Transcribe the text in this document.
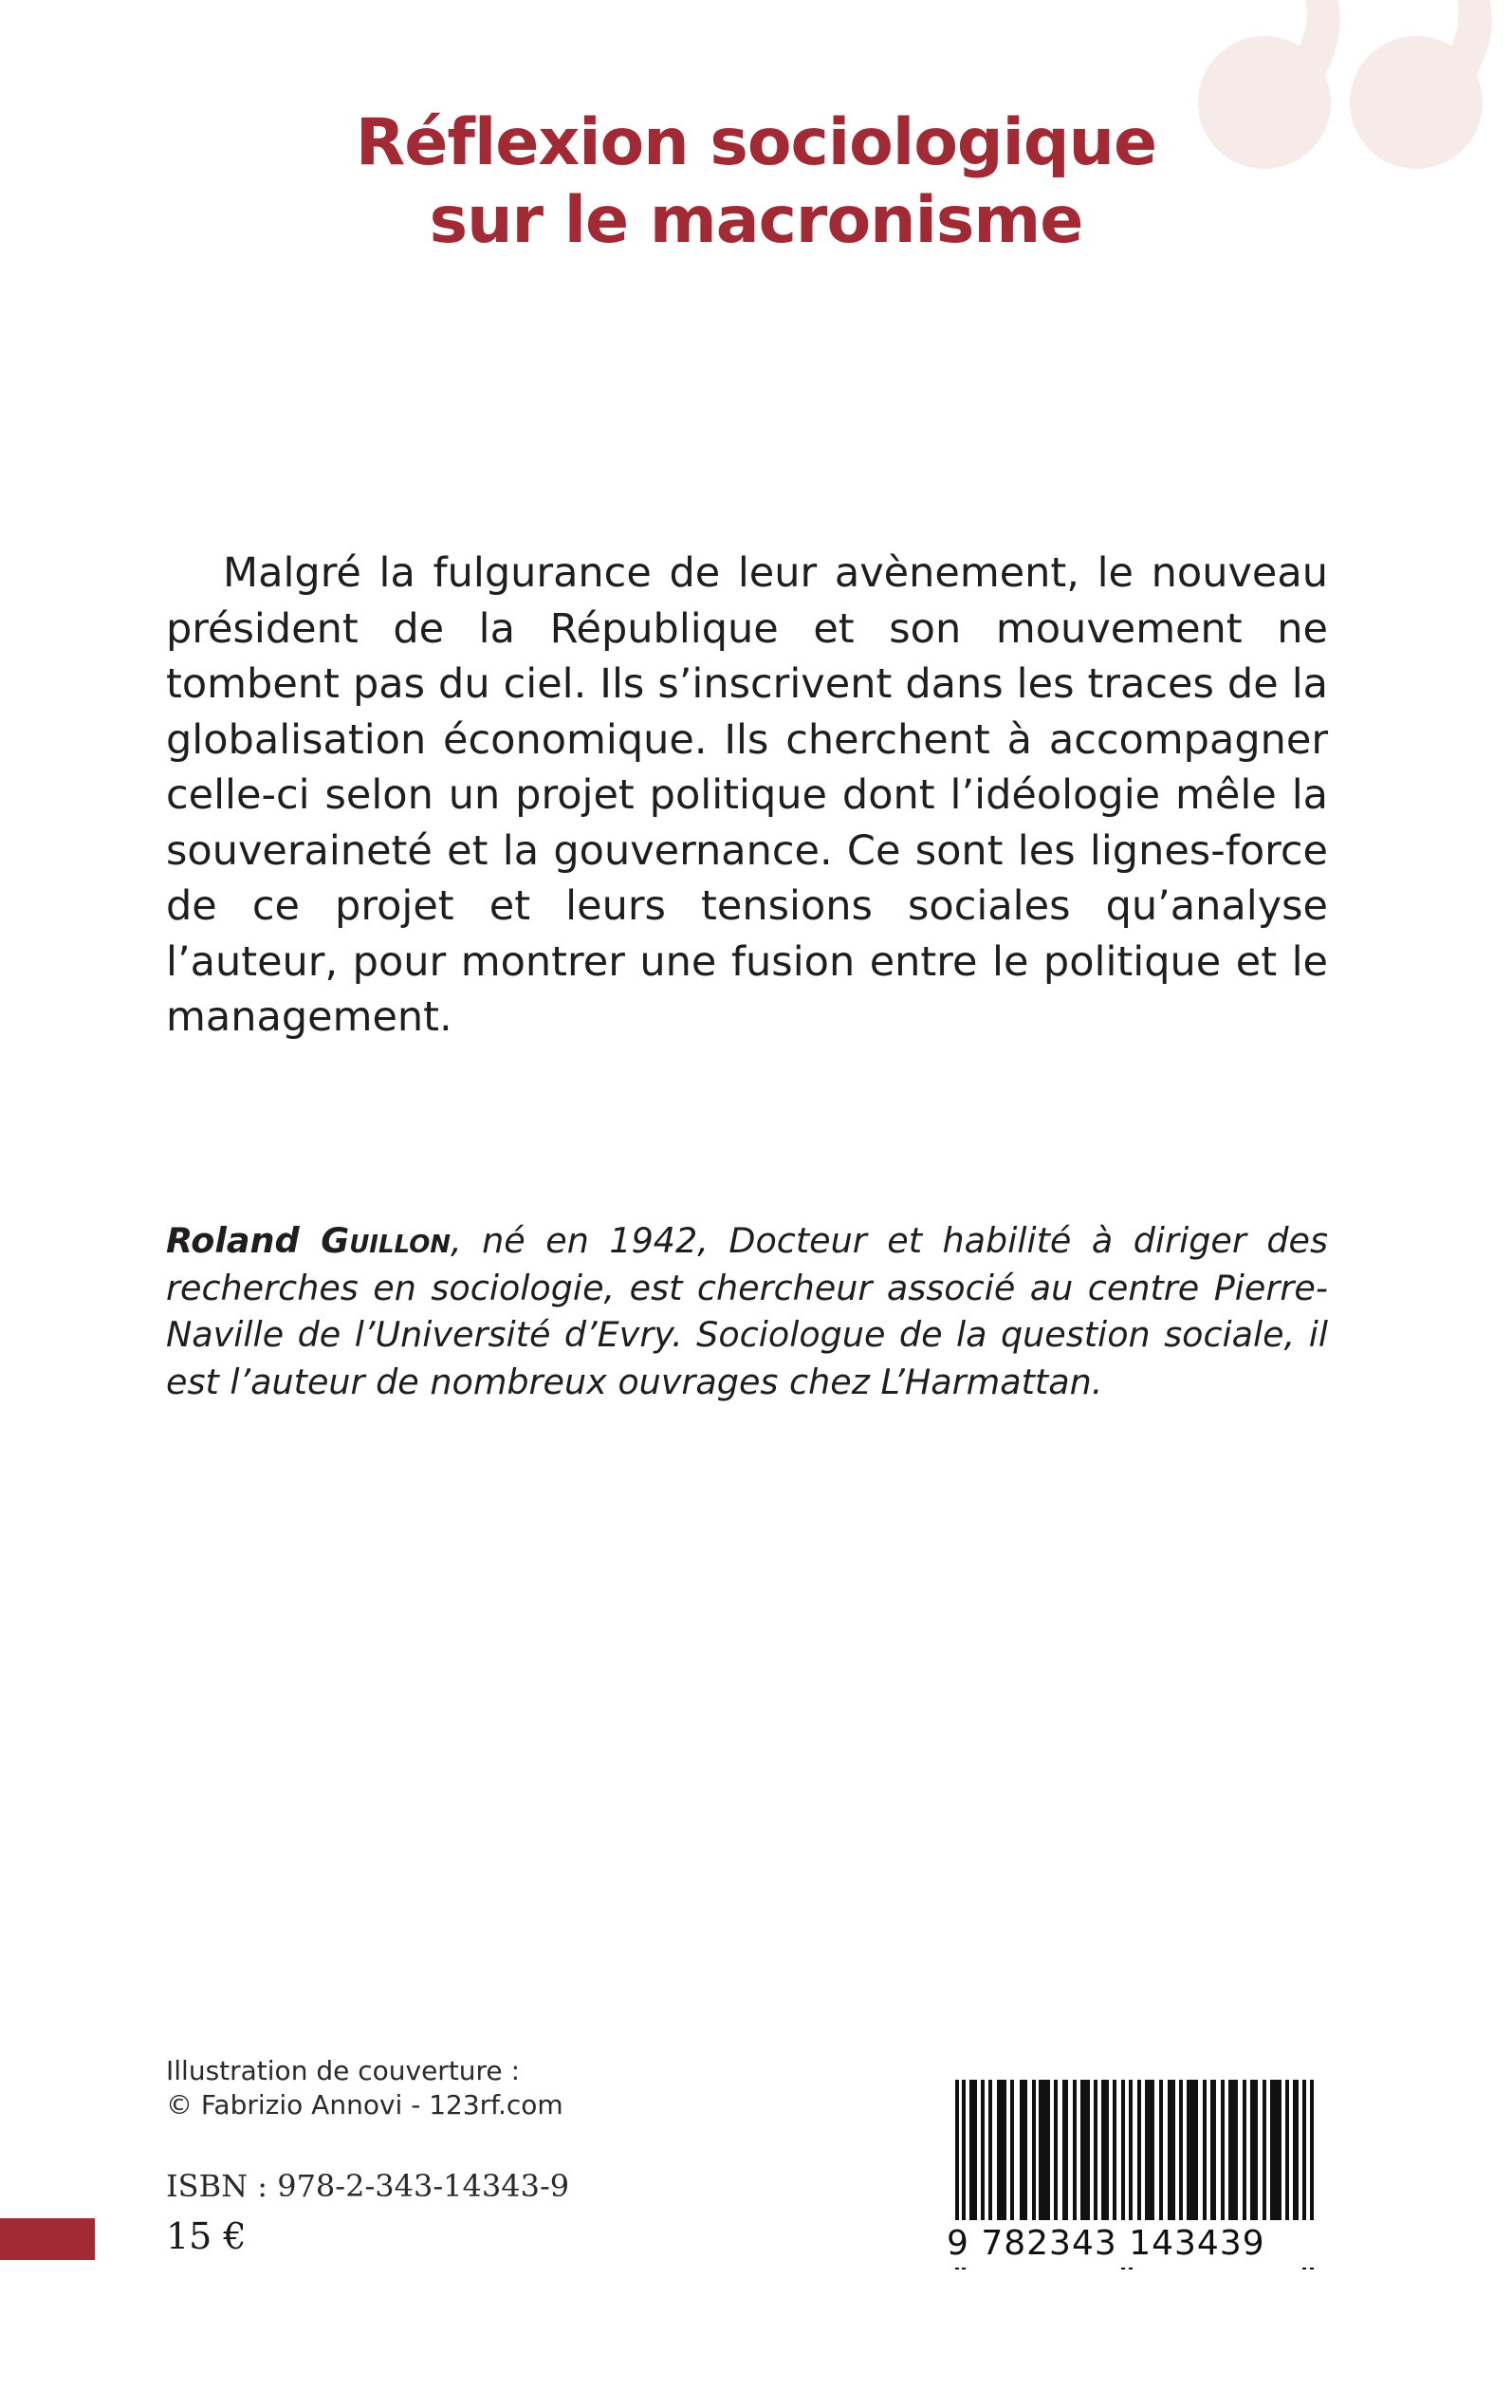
Réflexion sociologique
sur le macronisme

Malgré la fulgurance de leur avènement, le nouveau président de la République et son mouvement ne tombent pas du ciel. Ils s’inscrivent dans les traces de la globalisation économique. Ils cherchent à accompagner celle-ci selon un projet politique dont l’idéologie mêle la souveraineté et la gouvernance. Ce sont les lignes-force de ce projet et leurs tensions sociales qu’analyse l’auteur, pour montrer une fusion entre le politique et le management.

Roland Guillon, né en 1942, Docteur et habilité à diriger des recherches en sociologie, est chercheur associé au centre Pierre-Naville de l’Université d’Evry. Sociologue de la question sociale, il est l’auteur de nombreux ouvrages chez L’Harmattan.

Illustration de couverture :
© Fabrizio Annovi - 123rf.com
ISBN : 978-2-343-14343-9
15 €	9 782343 143439
